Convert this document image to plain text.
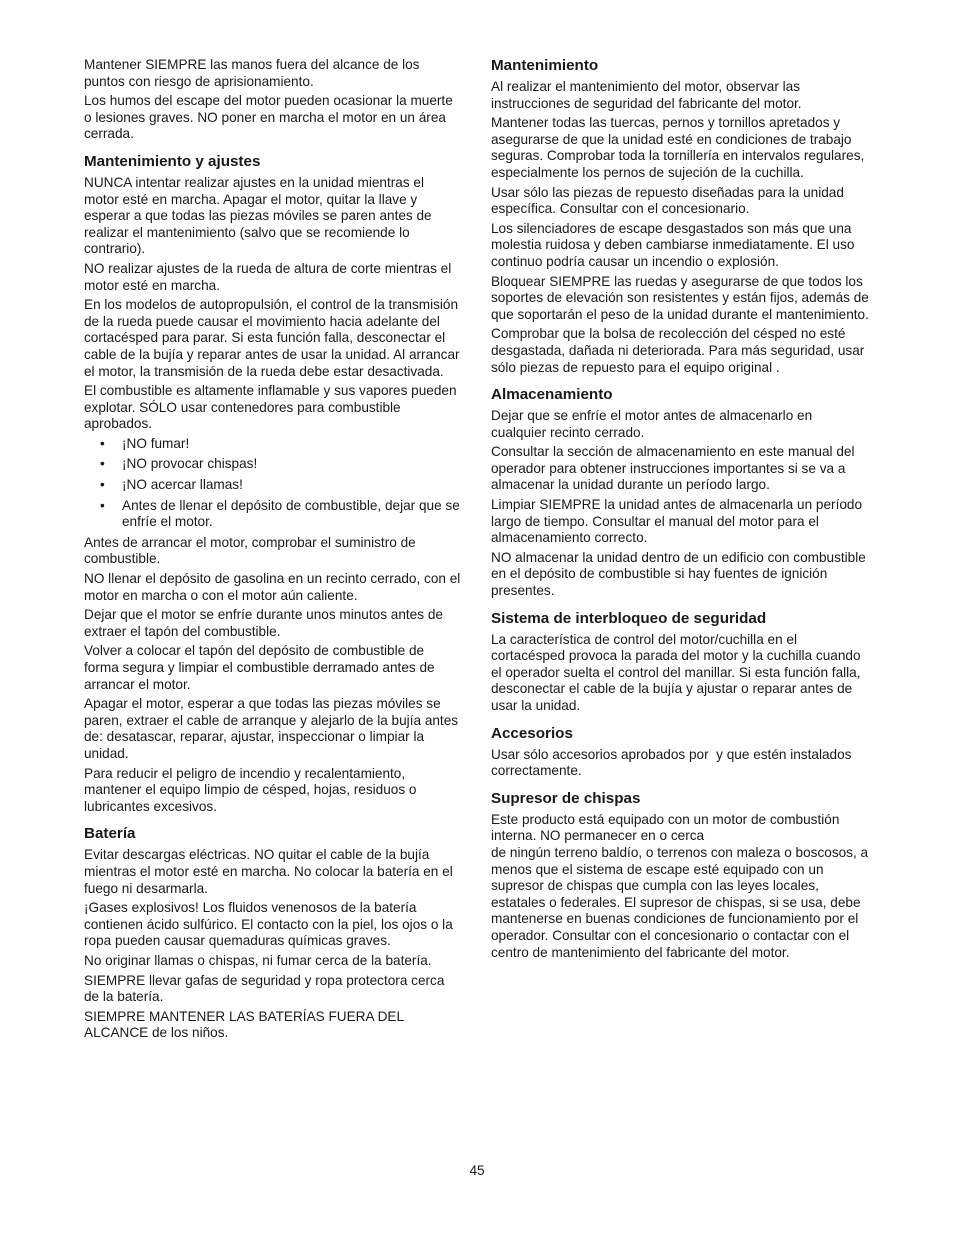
Mantener SIEMPRE las manos fuera del alcance de los puntos con riesgo de aprisionamiento.

Los humos del escape del motor pueden ocasionar la muerte o lesiones graves. NO poner en marcha el motor en un área cerrada.

Mantenimiento y ajustes

NUNCA intentar realizar ajustes en la unidad mientras el motor esté en marcha. Apagar el motor, quitar la llave y esperar a que todas las piezas móviles se paren antes de realizar el mantenimiento (salvo que se recomiende lo contrario).

NO realizar ajustes de la rueda de altura de corte mientras el motor esté en marcha.

En los modelos de autopropulsión, el control de la transmisión de la rueda puede causar el movimiento hacia adelante del cortacésped para parar. Si esta función falla, desconectar el cable de la bujía y reparar antes de usar la unidad. Al arrancar el motor, la transmisión de la rueda debe estar desactivada.

El combustible es altamente inflamable y sus vapores pueden explotar. SÓLO usar contenedores para combustible aprobados.

• ¡NO fumar!
• ¡NO provocar chispas!
• ¡NO acercar llamas!
• Antes de llenar el depósito de combustible, dejar que se enfríe el motor.

Antes de arrancar el motor, comprobar el suministro de combustible.

NO llenar el depósito de gasolina en un recinto cerrado, con el motor en marcha o con el motor aún caliente.

Dejar que el motor se enfríe durante unos minutos antes de extraer el tapón del combustible.

Volver a colocar el tapón del depósito de combustible de forma segura y limpiar el combustible derramado antes de arrancar el motor.

Apagar el motor, esperar a que todas las piezas móviles se paren, extraer el cable de arranque y alejarlo de la bujía antes de: desatascar, reparar, ajustar, inspeccionar o limpiar la unidad.

Para reducir el peligro de incendio y recalentamiento, mantener el equipo limpio de césped, hojas, residuos o lubricantes excesivos.

Batería

Evitar descargas eléctricas. NO quitar el cable de la bujía mientras el motor esté en marcha. No colocar la batería en el fuego ni desarmarla.

¡Gases explosivos! Los fluidos venenosos de la batería contienen ácido sulfúrico. El contacto con la piel, los ojos o la ropa pueden causar quemaduras químicas graves.

No originar llamas o chispas, ni fumar cerca de la batería.

SIEMPRE llevar gafas de seguridad y ropa protectora cerca de la batería.

SIEMPRE MANTENER LAS BATERÍAS FUERA DEL ALCANCE de los niños.

Mantenimiento

Al realizar el mantenimiento del motor, observar las instrucciones de seguridad del fabricante del motor.

Mantener todas las tuercas, pernos y tornillos apretados y asegurarse de que la unidad esté en condiciones de trabajo seguras. Comprobar toda la tornillería en intervalos regulares, especialmente los pernos de sujeción de la cuchilla.

Usar sólo las piezas de repuesto diseñadas para la unidad específica. Consultar con el concesionario.

Los silenciadores de escape desgastados son más que una molestia ruidosa y deben cambiarse inmediatamente. El uso continuo podría causar un incendio o explosión.

Bloquear SIEMPRE las ruedas y asegurarse de que todos los soportes de elevación son resistentes y están fijos, además de que soportarán el peso de la unidad durante el mantenimiento.

Comprobar que la bolsa de recolección del césped no esté desgastada, dañada ni deteriorada. Para más seguridad, usar sólo piezas de repuesto para el equipo original .

Almacenamiento

Dejar que se enfríe el motor antes de almacenarlo en cualquier recinto cerrado.

Consultar la sección de almacenamiento en este manual del operador para obtener instrucciones importantes si se va a almacenar la unidad durante un período largo.

Limpiar SIEMPRE la unidad antes de almacenarla un período largo de tiempo. Consultar el manual del motor para el almacenamiento correcto.

NO almacenar la unidad dentro de un edificio con combustible en el depósito de combustible si hay fuentes de ignición presentes.

Sistema de interbloqueo de seguridad

La característica de control del motor/cuchilla en el cortacésped provoca la parada del motor y la cuchilla cuando el operador suelta el control del manillar. Si esta función falla, desconectar el cable de la bujía y ajustar o reparar antes de usar la unidad.

Accesorios

Usar sólo accesorios aprobados por  y que estén instalados correctamente.

Supresor de chispas

Este producto está equipado con un motor de combustión interna. NO permanecer en o cerca
de ningún terreno baldío, o terrenos con maleza o boscosos, a menos que el sistema de escape esté equipado con un supresor de chispas que cumpla con las leyes locales, estatales o federales. El supresor de chispas, si se usa, debe mantenerse en buenas condiciones de funcionamiento por el operador. Consultar con el concesionario o contactar con el centro de mantenimiento del fabricante del motor.

45
